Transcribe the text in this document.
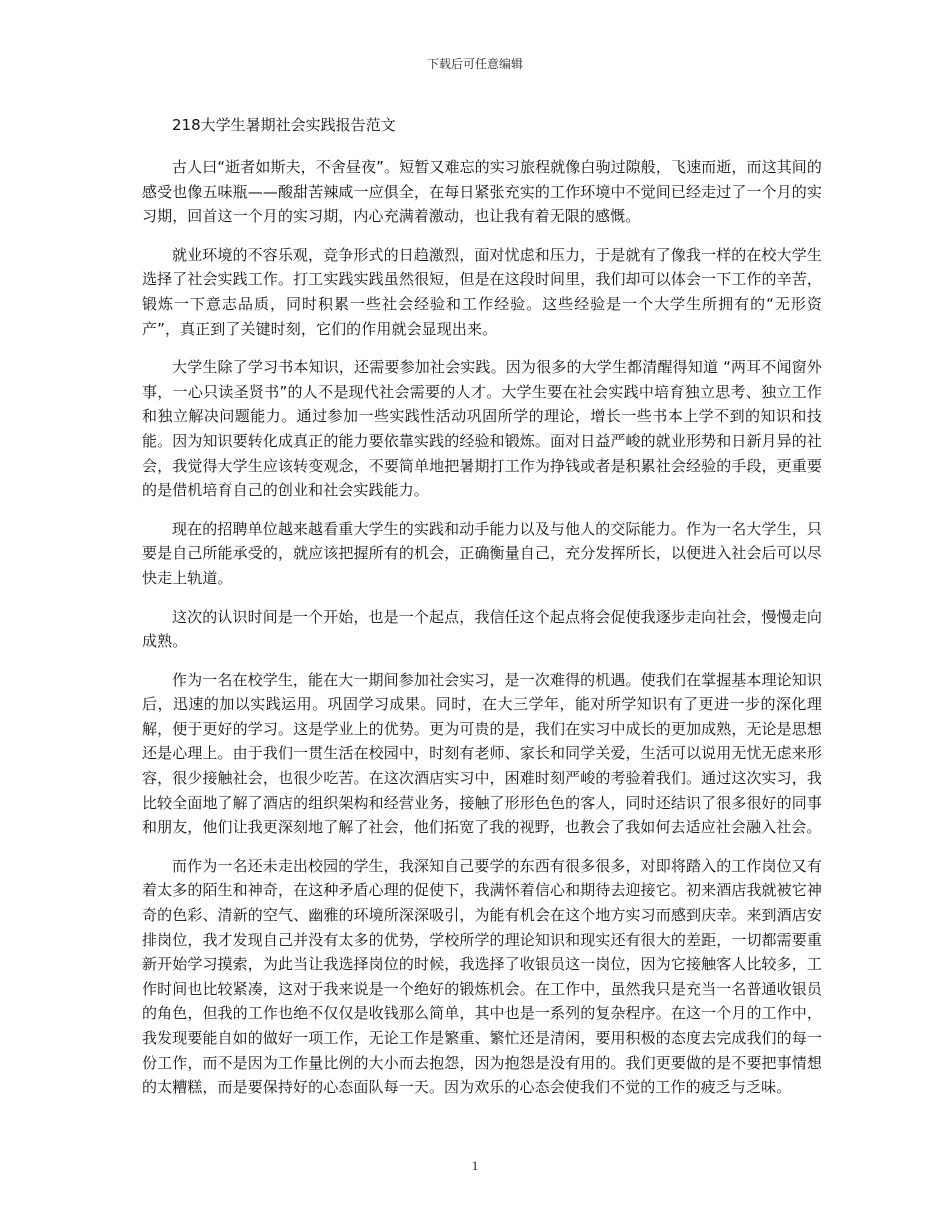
下载后可任意编辑
218大学生暑期社会实践报告范文

古人曰“逝者如斯夫，不舍昼夜”。短暂又难忘的实习旅程就像白驹过隙般，飞速而逝，而这其间的感受也像五味瓶——酸甜苦辣咸一应俱全，在每日紧张充实的工作环境中不觉间已经走过了一个月的实习期，回首这一个月的实习期，内心充满着激动，也让我有着无限的感慨。

就业环境的不容乐观，竞争形式的日趋激烈，面对忧虑和压力，于是就有了像我一样的在校大学生选择了社会实践工作。打工实践实践虽然很短，但是在这段时间里，我们却可以体会一下工作的辛苦，锻炼一下意志品质，同时积累一些社会经验和工作经验。这些经验是一个大学生所拥有的“无形资产”，真正到了关键时刻，它们的作用就会显现出来。

大学生除了学习书本知识，还需要参加社会实践。因为很多的大学生都清醒得知道 “两耳不闻窗外事，一心只读圣贤书”的人不是现代社会需要的人才。大学生要在社会实践中培育独立思考、独立工作和独立解决问题能力。通过参加一些实践性活动巩固所学的理论，增长一些书本上学不到的知识和技能。因为知识要转化成真正的能力要依靠实践的经验和锻炼。面对日益严峻的就业形势和日新月异的社会，我觉得大学生应该转变观念，不要简单地把暑期打工作为挣钱或者是积累社会经验的手段，更重要的是借机培育自己的创业和社会实践能力。

现在的招聘单位越来越看重大学生的实践和动手能力以及与他人的交际能力。作为一名大学生，只要是自己所能承受的，就应该把握所有的机会，正确衡量自己，充分发挥所长，以便进入社会后可以尽快走上轨道。

这次的认识时间是一个开始，也是一个起点，我信任这个起点将会促使我逐步走向社会，慢慢走向成熟。

作为一名在校学生，能在大一期间参加社会实习，是一次难得的机遇。使我们在掌握基本理论知识后，迅速的加以实践运用。巩固学习成果。同时，在大三学年，能对所学知识有了更进一步的深化理解，便于更好的学习。这是学业上的优势。更为可贵的是，我们在实习中成长的更加成熟，无论是思想还是心理上。由于我们一贯生活在校园中，时刻有老师、家长和同学关爱，生活可以说用无忧无虑来形容，很少接触社会，也很少吃苦。在这次酒店实习中，困难时刻严峻的考验着我们。通过这次实习，我比较全面地了解了酒店的组织架构和经营业务，接触了形形色色的客人，同时还结识了很多很好的同事和朋友，他们让我更深刻地了解了社会，他们拓宽了我的视野，也教会了我如何去适应社会融入社会。

而作为一名还未走出校园的学生，我深知自己要学的东西有很多很多，对即将踏入的工作岗位又有着太多的陌生和神奇，在这种矛盾心理的促使下，我满怀着信心和期待去迎接它。初来酒店我就被它神奇的色彩、清新的空气、幽雅的环境所深深吸引，为能有机会在这个地方实习而感到庆幸。来到酒店安排岗位，我才发现自己并没有太多的优势，学校所学的理论知识和现实还有很大的差距，一切都需要重新开始学习摸索，为此当让我选择岗位的时候，我选择了收银员这一岗位，因为它接触客人比较多，工作时间也比较紧凑，这对于我来说是一个绝好的锻炼机会。在工作中，虽然我只是充当一名普通收银员的角色，但我的工作也绝不仅仅是收钱那么简单，其中也是一系列的复杂程序。在这一个月的工作中，我发现要能自如的做好一项工作，无论工作是繁重、繁忙还是清闲，要用积极的态度去完成我们的每一份工作，而不是因为工作量比例的大小而去抱怨，因为抱怨是没有用的。我们更要做的是不要把事情想的太糟糕，而是要保持好的心态面队每一天。因为欢乐的心态会使我们不觉的工作的疲乏与乏味。

1
